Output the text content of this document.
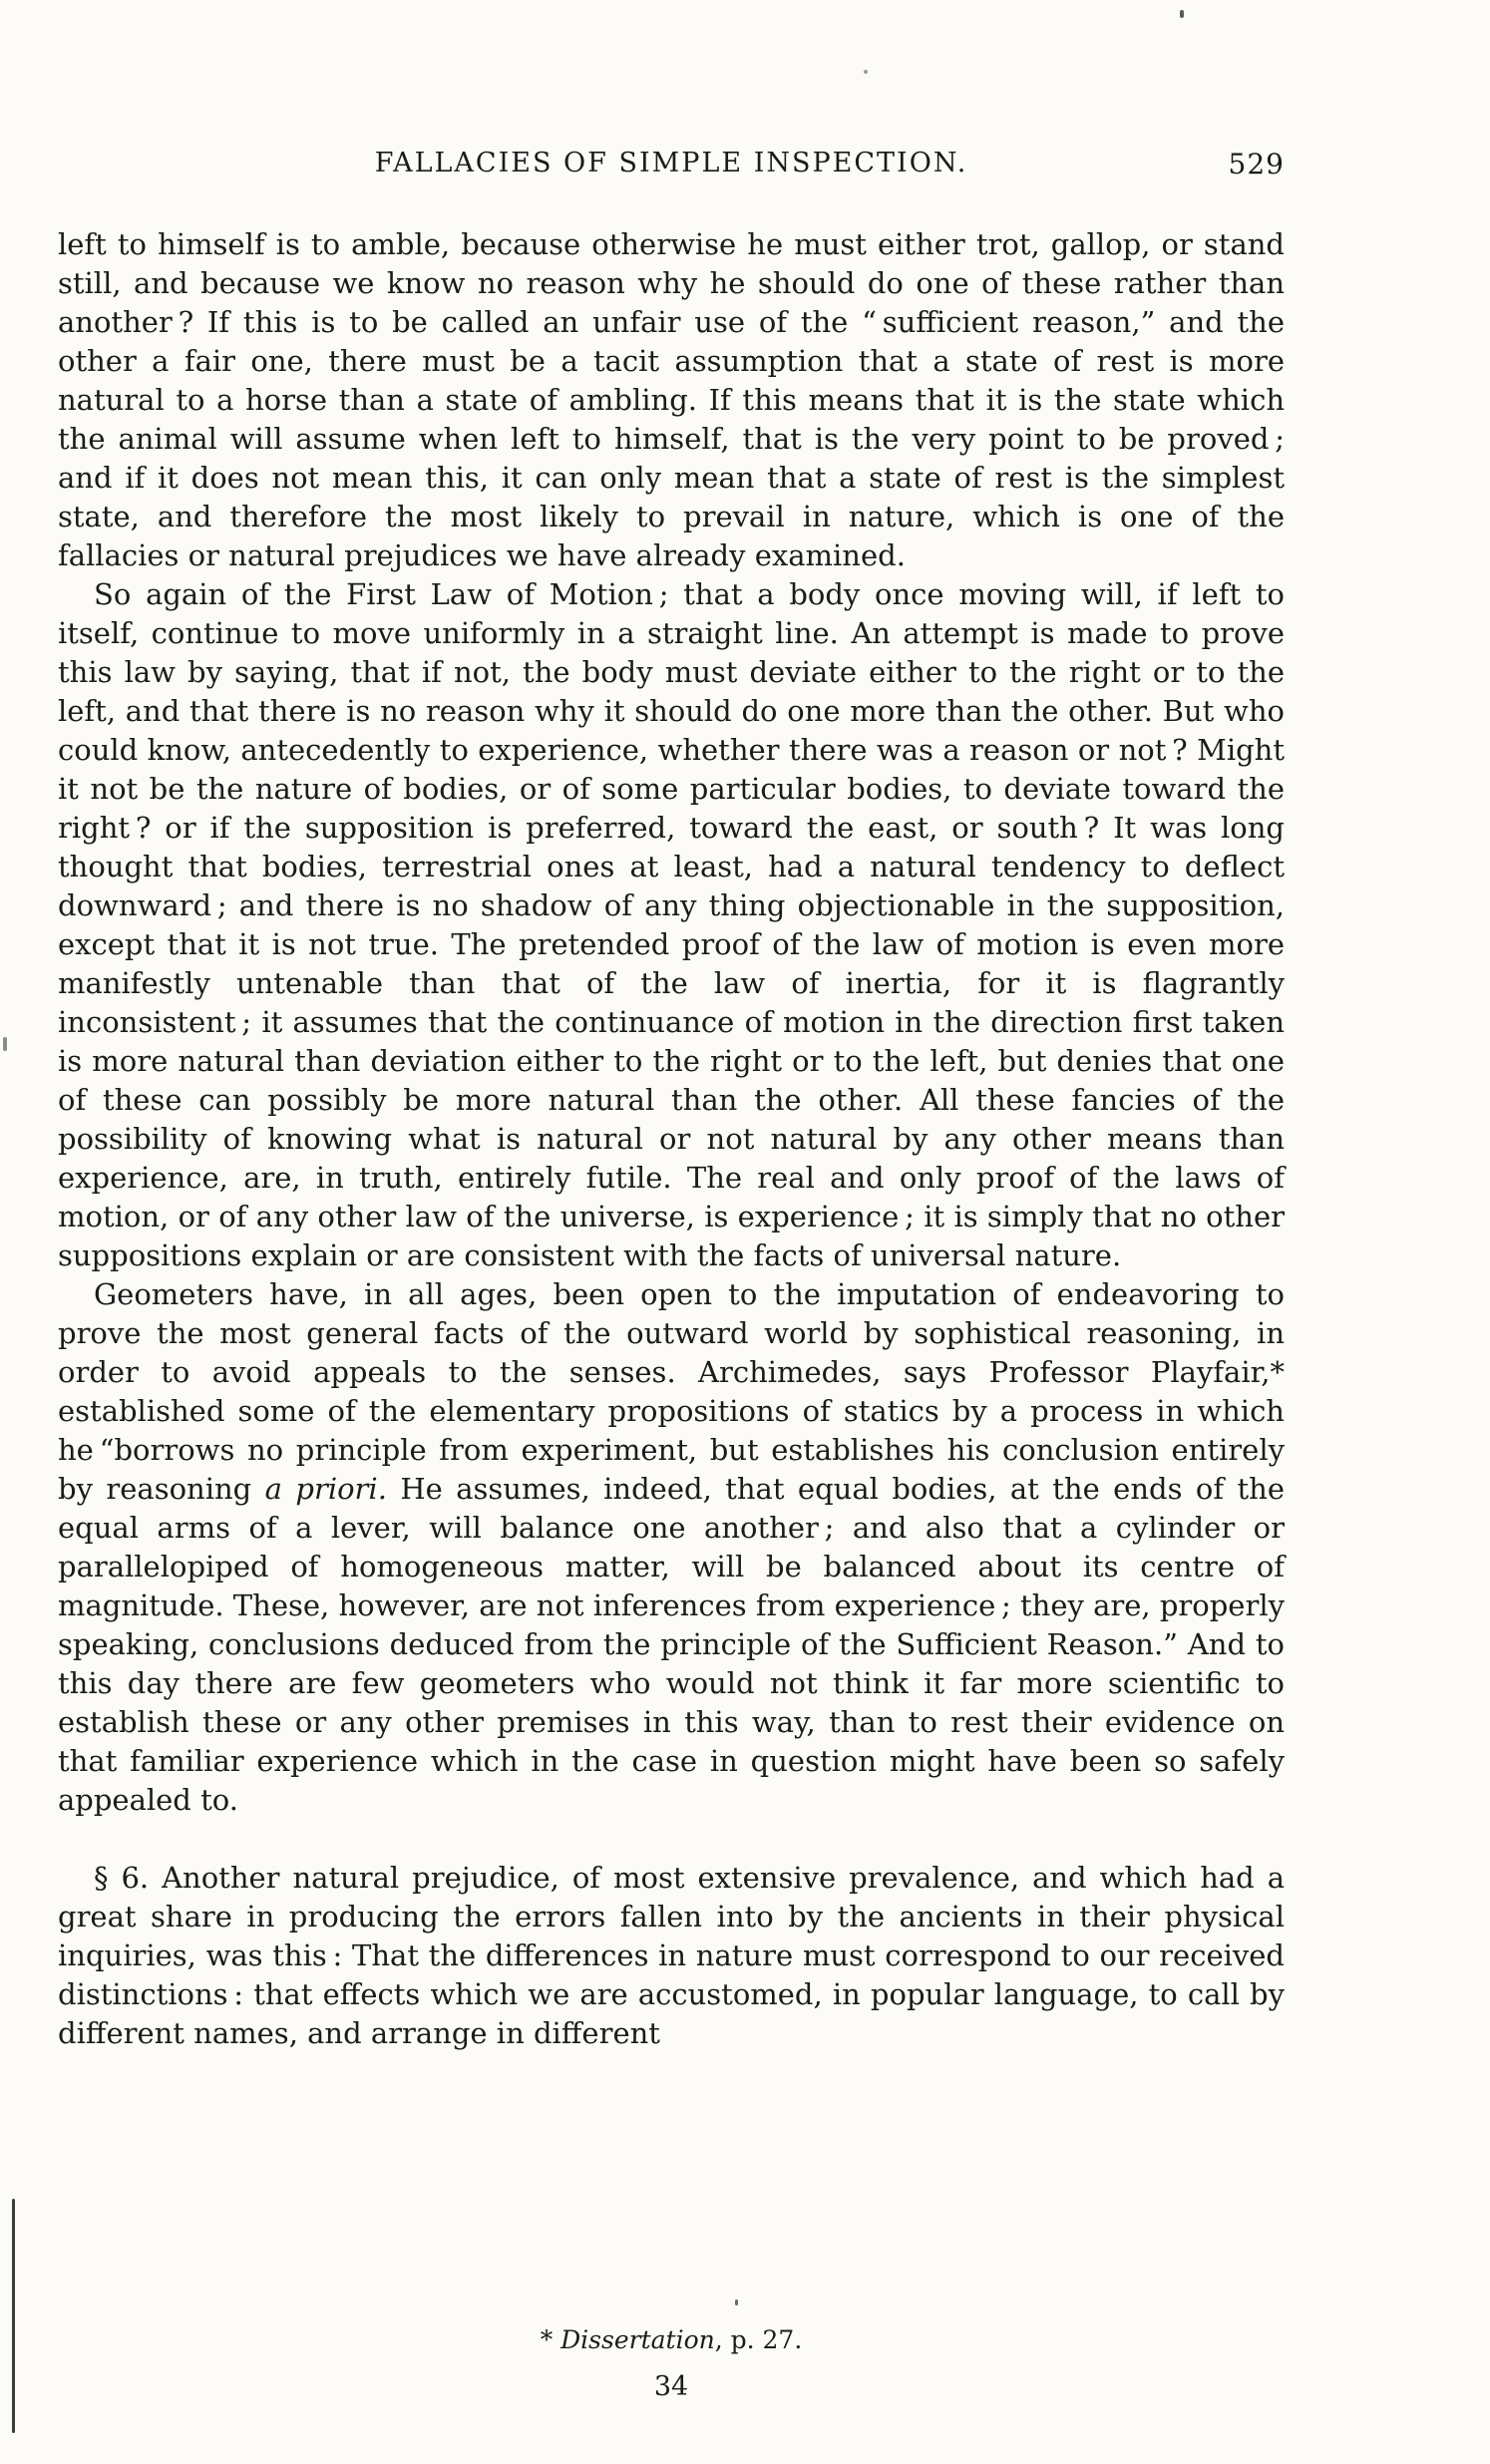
FALLACIES OF SIMPLE INSPECTION.	529

left to himself is to amble, because otherwise he must either trot, gallop, or stand still, and because we know no reason why he should do one of these rather than another ? If this is to be called an unfair use of the “ sufficient reason,” and the other a fair one, there must be a tacit assumption that a state of rest is more natural to a horse than a state of ambling. If this means that it is the state which the animal will assume when left to himself, that is the very point to be proved ; and if it does not mean this, it can only mean that a state of rest is the simplest state, and therefore the most likely to prevail in nature, which is one of the fallacies or natural prejudices we have already examined.

So again of the First Law of Motion ; that a body once moving will, if left to itself, continue to move uniformly in a straight line. An attempt is made to prove this law by saying, that if not, the body must deviate either to the right or to the left, and that there is no reason why it should do one more than the other. But who could know, antecedently to experience, whether there was a reason or not ? Might it not be the nature of bodies, or of some particular bodies, to deviate toward the right ? or if the supposition is preferred, toward the east, or south ? It was long thought that bodies, terrestrial ones at least, had a natural tendency to deflect downward ; and there is no shadow of any thing objectionable in the supposition, except that it is not true. The pretended proof of the law of motion is even more manifestly untenable than that of the law of inertia, for it is flagrantly inconsistent ; it assumes that the continuance of motion in the direction first taken is more natural than deviation either to the right or to the left, but denies that one of these can possibly be more natural than the other. All these fancies of the possibility of knowing what is natural or not natural by any other means than experience, are, in truth, entirely futile. The real and only proof of the laws of motion, or of any other law of the universe, is experience ; it is simply that no other suppositions explain or are consistent with the facts of universal nature.

Geometers have, in all ages, been open to the imputation of endeavoring to prove the most general facts of the outward world by sophistical reasoning, in order to avoid appeals to the senses. Archimedes, says Professor Playfair,* established some of the elementary propositions of statics by a process in which he “borrows no principle from experiment, but establishes his conclusion entirely by reasoning a priori. He assumes, indeed, that equal bodies, at the ends of the equal arms of a lever, will balance one another ; and also that a cylinder or parallelopiped of homogeneous matter, will be balanced about its centre of magnitude. These, however, are not inferences from experience ; they are, properly speaking, conclusions deduced from the principle of the Sufficient Reason.” And to this day there are few geometers who would not think it far more scientific to establish these or any other premises in this way, than to rest their evidence on that familiar experience which in the case in question might have been so safely appealed to.

§ 6. Another natural prejudice, of most extensive prevalence, and which had a great share in producing the errors fallen into by the ancients in their physical inquiries, was this : That the differences in nature must correspond to our received distinctions : that effects which we are accustomed, in popular language, to call by different names, and arrange in different

* Dissertation, p. 27.
34
